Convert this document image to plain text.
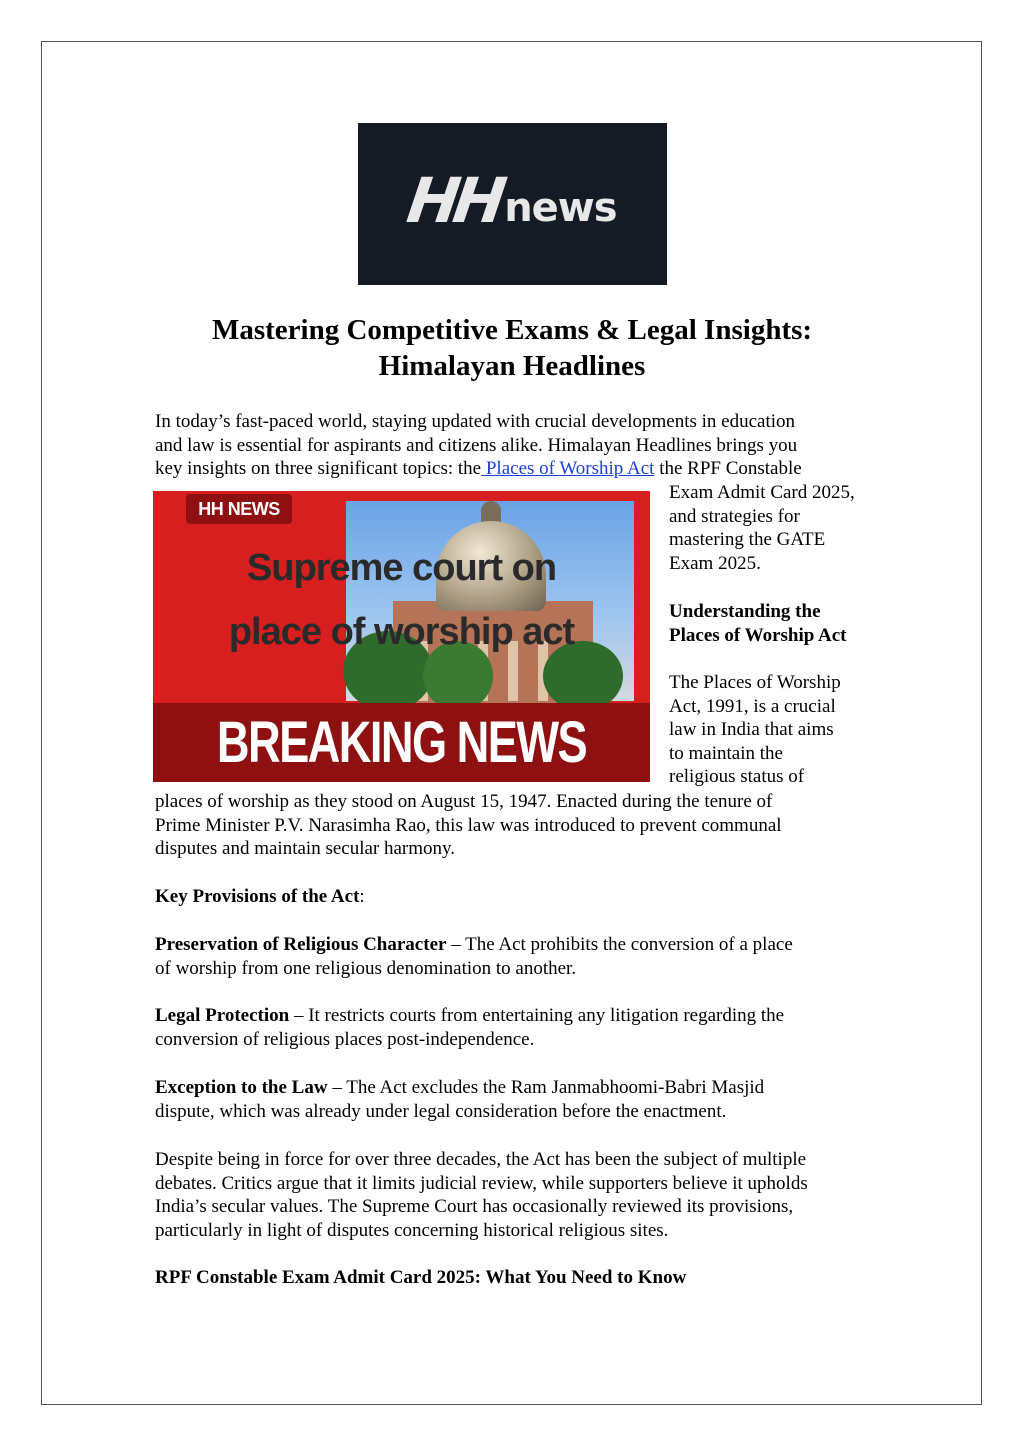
HH
news
Mastering Competitive Exams & Legal Insights:
Himalayan Headlines
In today’s fast-paced world, staying updated with crucial developments in education
and law is essential for aspirants and citizens alike. Himalayan Headlines brings you
key insights on three significant topics: the Places of Worship Act the RPF Constable
Exam Admit Card 2025,
and strategies for
mastering the GATE
Exam 2025.
HH NEWS
Supreme court on
place of worship act
BREAKING NEWS
Understanding the
Places of Worship Act
The Places of Worship
Act, 1991, is a crucial
law in India that aims
to maintain the
religious status of
places of worship as they stood on August 15, 1947. Enacted during the tenure of
Prime Minister P.V. Narasimha Rao, this law was introduced to prevent communal
disputes and maintain secular harmony.
Key Provisions of the Act:
Preservation of Religious Character – The Act prohibits the conversion of a place
of worship from one religious denomination to another.
Legal Protection – It restricts courts from entertaining any litigation regarding the
conversion of religious places post-independence.
Exception to the Law – The Act excludes the Ram Janmabhoomi-Babri Masjid
dispute, which was already under legal consideration before the enactment.
Despite being in force for over three decades, the Act has been the subject of multiple
debates. Critics argue that it limits judicial review, while supporters believe it upholds
India’s secular values. The Supreme Court has occasionally reviewed its provisions,
particularly in light of disputes concerning historical religious sites.
RPF Constable Exam Admit Card 2025: What You Need to Know
